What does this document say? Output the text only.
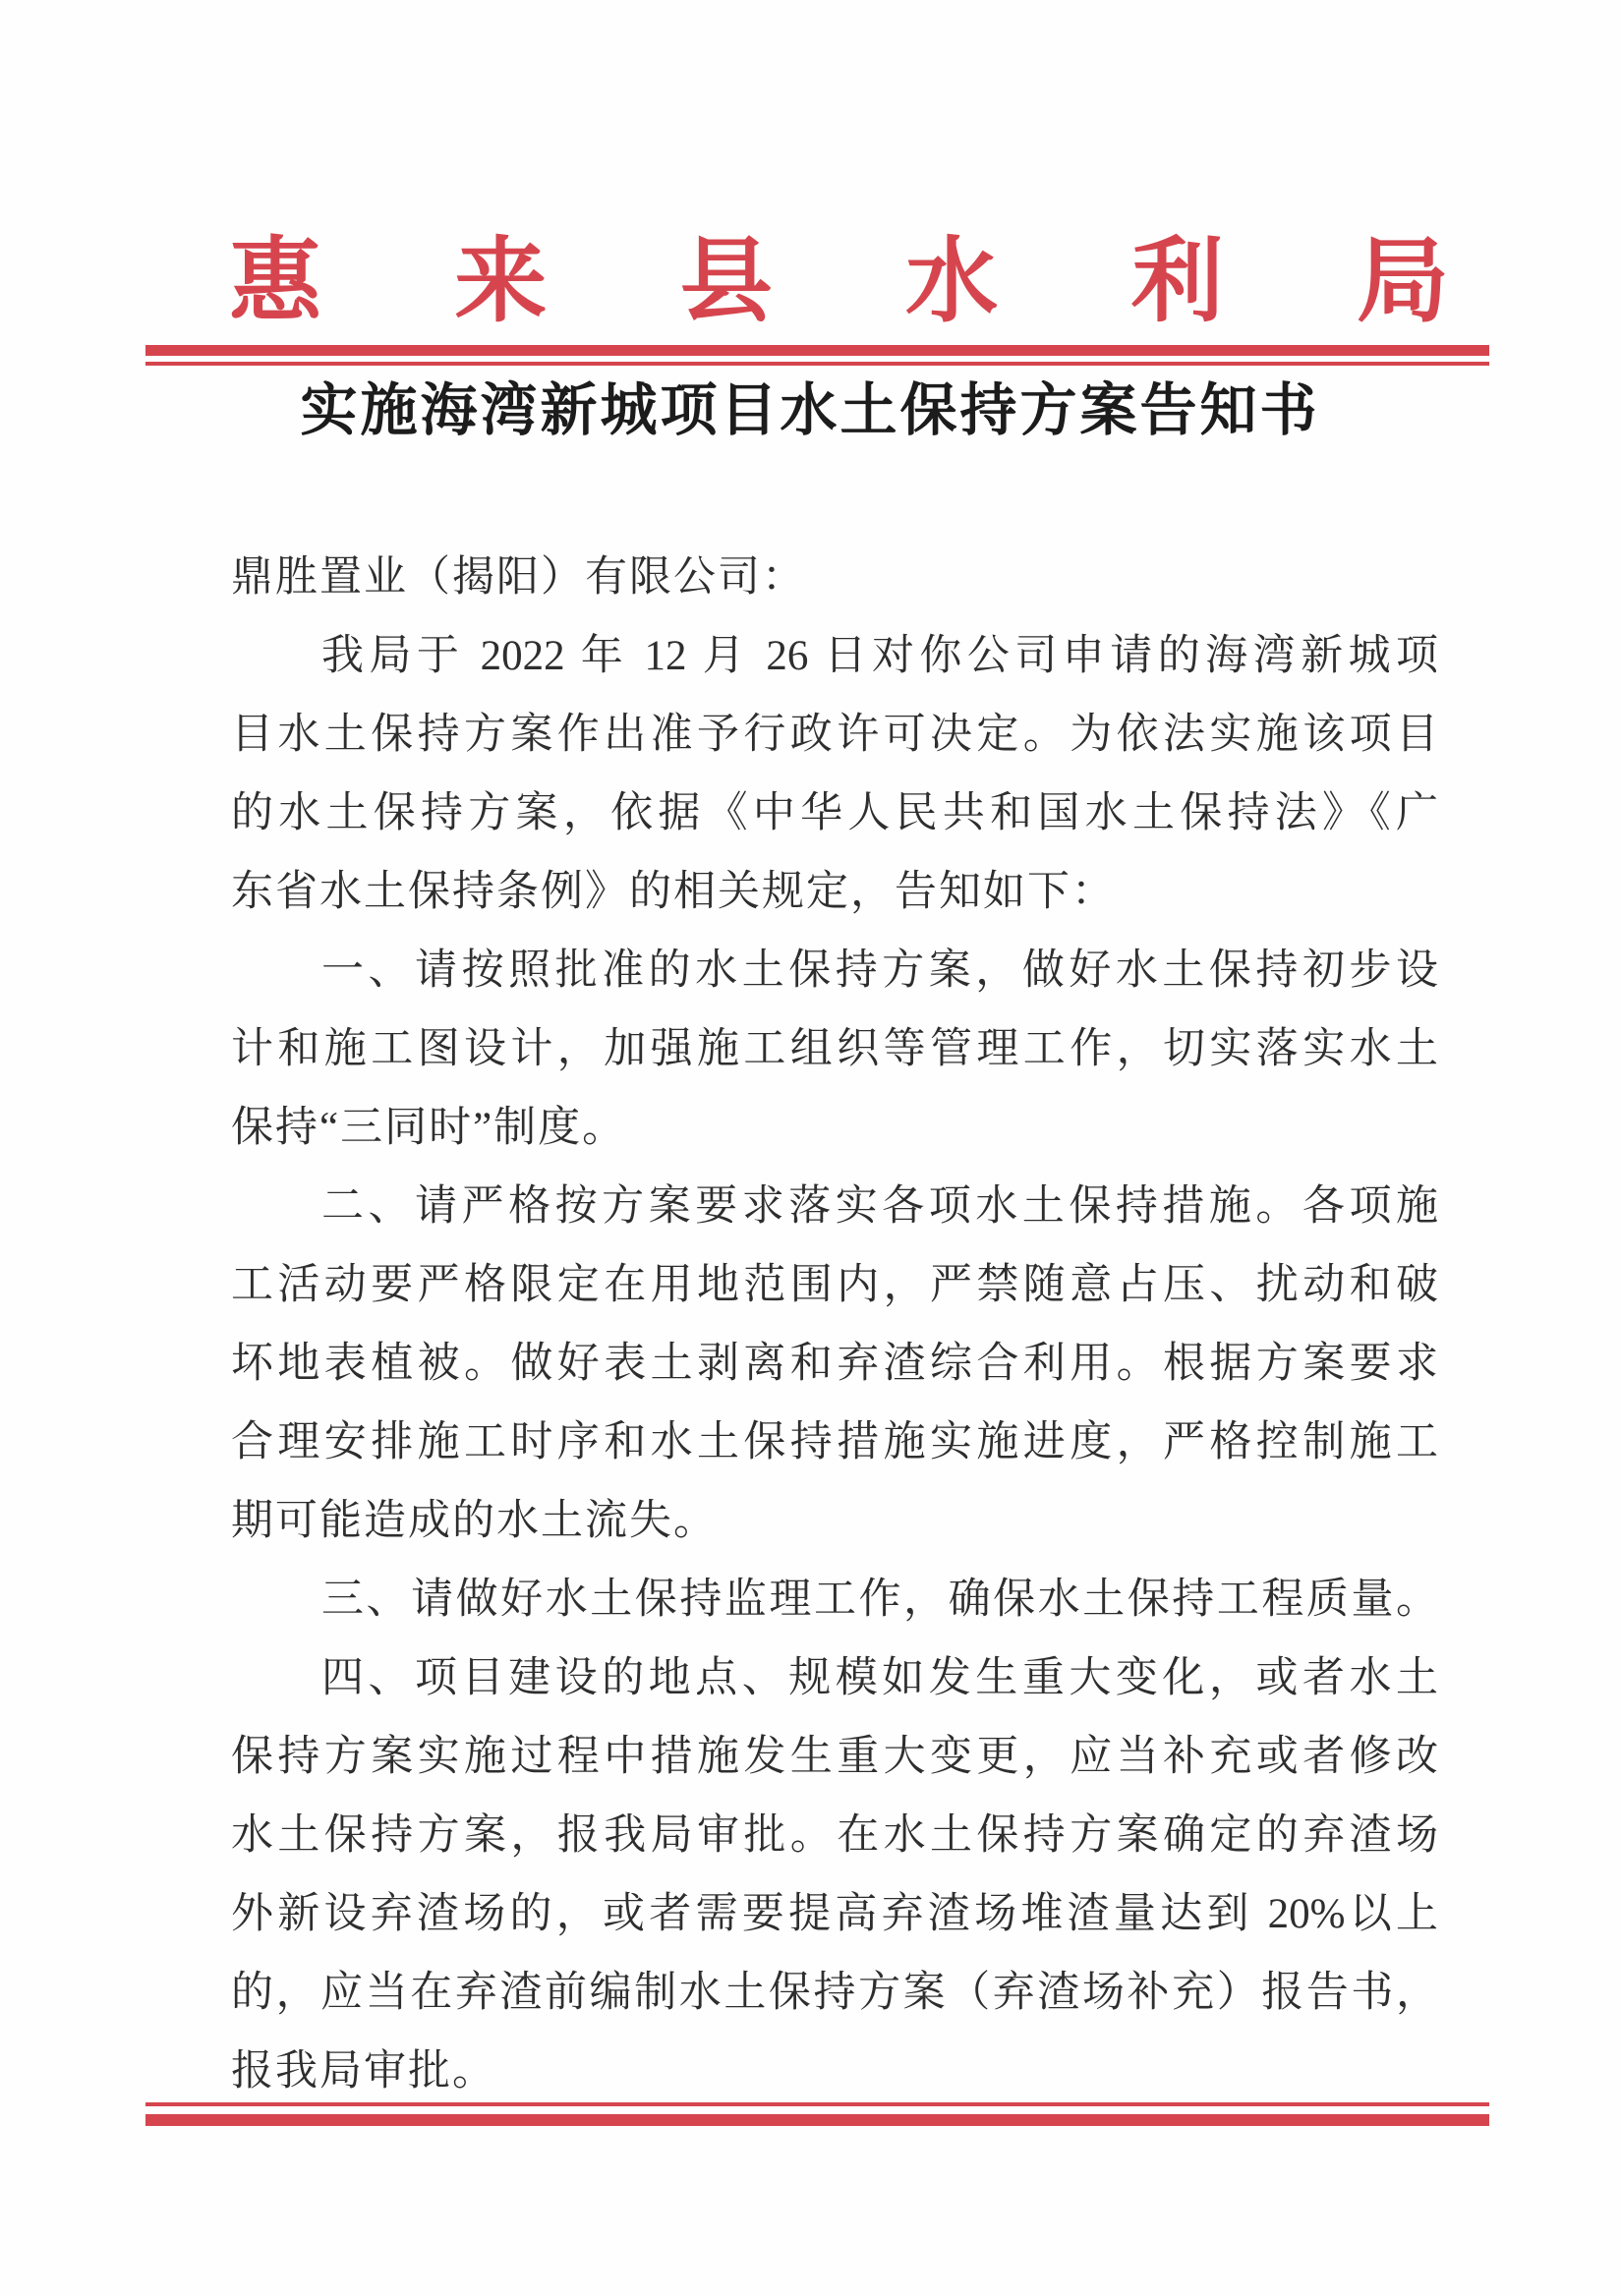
惠 来 县 水 利 局
实施海湾新城项目水土保持方案告知书
鼎胜置业（揭阳）有限公司：
我局于 2022 年 12 月 26 日对你公司申请的海湾新城项
目水土保持方案作出准予行政许可决定。为依法实施该项目
的水土保持方案，依据《中华人民共和国水土保持法》《广
东省水土保持条例》的相关规定，告知如下：
一、请按照批准的水土保持方案，做好水土保持初步设
计和施工图设计，加强施工组织等管理工作，切实落实水土
保持“三同时”制度。
二、请严格按方案要求落实各项水土保持措施。各项施
工活动要严格限定在用地范围内，严禁随意占压、扰动和破
坏地表植被。做好表土剥离和弃渣综合利用。根据方案要求
合理安排施工时序和水土保持措施实施进度，严格控制施工
期可能造成的水土流失。
三、请做好水土保持监理工作，确保水土保持工程质量。
四、项目建设的地点、规模如发生重大变化，或者水土
保持方案实施过程中措施发生重大变更，应当补充或者修改
水土保持方案，报我局审批。在水土保持方案确定的弃渣场
外新设弃渣场的，或者需要提高弃渣场堆渣量达到 20%以上
的，应当在弃渣前编制水土保持方案（弃渣场补充）报告书，
报我局审批。
